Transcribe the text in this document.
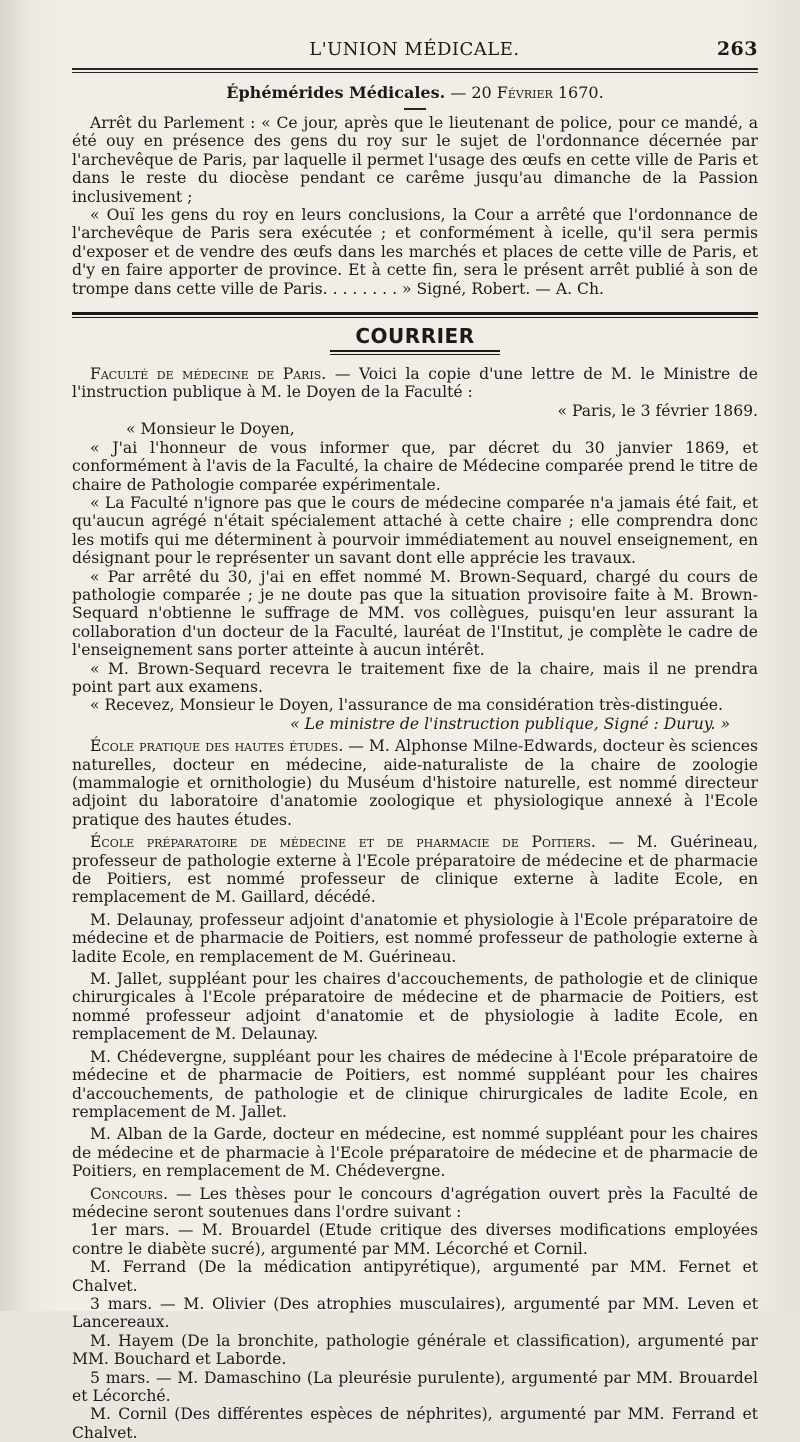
L'UNION MÉDICALE.	263
Éphémérides Médicales. — 20 Février 1670.

Arrêt du Parlement : « Ce jour, après que le lieutenant de police, pour ce mandé, a été ouy en présence des gens du roy sur le sujet de l'ordonnance décernée par l'archevêque de Paris, par laquelle il permet l'usage des œufs en cette ville de Paris et dans le reste du diocèse pendant ce carême jusqu'au dimanche de la Passion inclusivement ;

« Ouï les gens du roy en leurs conclusions, la Cour a arrêté que l'ordonnance de l'archevêque de Paris sera exécutée ; et conformément à icelle, qu'il sera permis d'exposer et de vendre des œufs dans les marchés et places de cette ville de Paris, et d'y en faire apporter de province. Et à cette fin, sera le présent arrêt publié à son de trompe dans cette ville de Paris. . . . . . . . » Signé, Robert. — A. Ch.

COURRIER

Faculté de médecine de Paris. — Voici la copie d'une lettre de M. le Ministre de l'instruction publique à M. le Doyen de la Faculté :

« Paris, le 3 février 1869.

« Monsieur le Doyen,

« J'ai l'honneur de vous informer que, par décret du 30 janvier 1869, et conformément à l'avis de la Faculté, la chaire de Médecine comparée prend le titre de chaire de Pathologie comparée expérimentale.

« La Faculté n'ignore pas que le cours de médecine comparée n'a jamais été fait, et qu'aucun agrégé n'était spécialement attaché à cette chaire ; elle comprendra donc les motifs qui me déterminent à pourvoir immédiatement au nouvel enseignement, en désignant pour le représenter un savant dont elle apprécie les travaux.

« Par arrêté du 30, j'ai en effet nommé M. Brown-Sequard, chargé du cours de pathologie comparée ; je ne doute pas que la situation provisoire faite à M. Brown-Sequard n'obtienne le suffrage de MM. vos collègues, puisqu'en leur assurant la collaboration d'un docteur de la Faculté, lauréat de l'Institut, je complète le cadre de l'enseignement sans porter atteinte à aucun intérêt.

« M. Brown-Sequard recevra le traitement fixe de la chaire, mais il ne prendra point part aux examens.

« Recevez, Monsieur le Doyen, l'assurance de ma considération très-distinguée.

« Le ministre de l'instruction publique, Signé : Duruy. »

École pratique des hautes études. — M. Alphonse Milne-Edwards, docteur ès sciences naturelles, docteur en médecine, aide-naturaliste de la chaire de zoologie (mammalogie et ornithologie) du Muséum d'histoire naturelle, est nommé directeur adjoint du laboratoire d'anatomie zoologique et physiologique annexé à l'Ecole pratique des hautes études.

École préparatoire de médecine et de pharmacie de Poitiers. — M. Guérineau, professeur de pathologie externe à l'Ecole préparatoire de médecine et de pharmacie de Poitiers, est nommé professeur de clinique externe à ladite Ecole, en remplacement de M. Gaillard, décédé.

M. Delaunay, professeur adjoint d'anatomie et physiologie à l'Ecole préparatoire de médecine et de pharmacie de Poitiers, est nommé professeur de pathologie externe à ladite Ecole, en remplacement de M. Guérineau.

M. Jallet, suppléant pour les chaires d'accouchements, de pathologie et de clinique chirurgicales à l'Ecole préparatoire de médecine et de pharmacie de Poitiers, est nommé professeur adjoint d'anatomie et de physiologie à ladite Ecole, en remplacement de M. Delaunay.

M. Chédevergne, suppléant pour les chaires de médecine à l'Ecole préparatoire de médecine et de pharmacie de Poitiers, est nommé suppléant pour les chaires d'accouchements, de pathologie et de clinique chirurgicales de ladite Ecole, en remplacement de M. Jallet.

M. Alban de la Garde, docteur en médecine, est nommé suppléant pour les chaires de médecine et de pharmacie à l'Ecole préparatoire de médecine et de pharmacie de Poitiers, en remplacement de M. Chédevergne.

Concours. — Les thèses pour le concours d'agrégation ouvert près la Faculté de médecine seront soutenues dans l'ordre suivant :

1er mars. — M. Brouardel (Etude critique des diverses modifications employées contre le diabète sucré), argumenté par MM. Lécorché et Cornil.

M. Ferrand (De la médication antipyrétique), argumenté par MM. Fernet et Chalvet.

3 mars. — M. Olivier (Des atrophies musculaires), argumenté par MM. Leven et Lancereaux.

M. Hayem (De la bronchite, pathologie générale et classification), argumenté par MM. Bouchard et Laborde.

5 mars. — M. Damaschino (La pleurésie purulente), argumenté par MM. Brouardel et Lécorché.

M. Cornil (Des différentes espèces de néphrites), argumenté par MM. Ferrand et Chalvet.
